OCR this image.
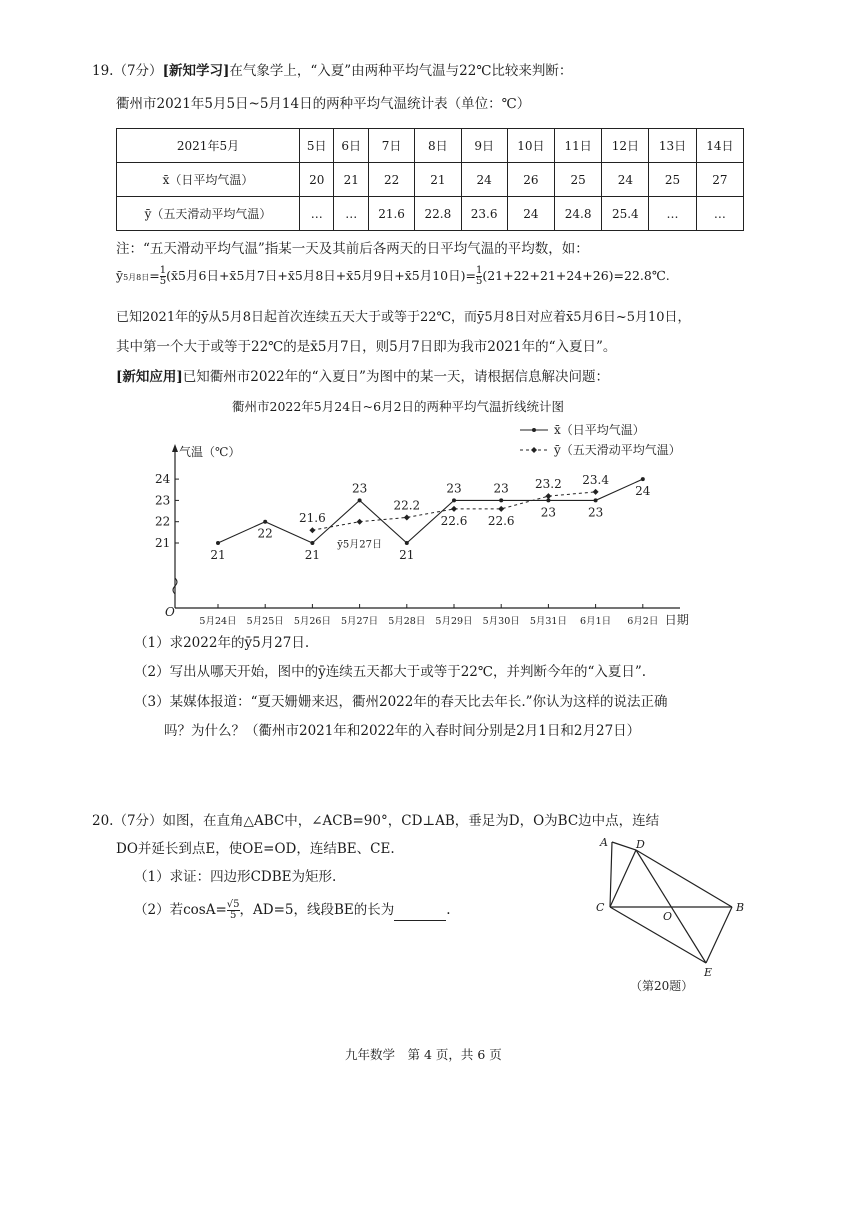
19.（7分）[新知学习]在气象学上，“入夏”由两种平均气温与22℃比较来判断：
衢州市2021年5月5日~5月14日的两种平均气温统计表（单位：℃）
2021年5月	5日	6日	7日	8日	9日	10日	11日	12日	13日	14日
x̄（日平均气温）	20	21	22	21	24	26	25	24	25	27
ȳ（五天滑动平均气温）	…	…	21.6	22.8	23.6	24	24.8	25.4	…	…
注：“五天滑动平均气温”指某一天及其前后各两天的日平均气温的平均数，如：
ȳ5月8日= $\frac{1}{5}$ (x̄5月6日+x̄5月7日+x̄5月8日+x̄5月9日+x̄5月10日)= $\frac{1}{5}$ (21+22+21+24+26)=22.8℃.
已知2021年的ȳ从5月8日起首次连续五天大于或等于22℃，而ȳ5月8日对应着x̄5月6日~5月10日，
其中第一个大于或等于22℃的是x̄5月7日，则5月7日即为我市2021年的“入夏日”。
[新知应用]已知衢州市2022年的“入夏日”为图中的某一天，请根据信息解决问题：
衢州市2022年5月24日~6月2日的两种平均气温折线统计图
气温（℃）
日期
O
21
22
23
24
5月24日 5月25日 5月26日 5月27日 5月28日 5月29日 5月30日 5月31日 6月1日 6月2日
21
22
21
23
21
23	23
23	23
24
21.6
ȳ5月27日
22.2
22.6 22.6
23.2 23.4
x̄（日平均气温）
ȳ（五天滑动平均气温）
（1）求2022年的ȳ5月27日.
（2）写出从哪天开始，图中的ȳ连续五天都大于或等于22℃，并判断今年的“入夏日”.
（3）某媒体报道：“夏天姗姗来迟，衢州2022年的春天比去年长.”你认为这样的说法正确
吗？为什么？（衢州市2021年和2022年的入春时间分别是2月1日和2月27日）
20.（7分）如图，在直角△ABC中，∠ACB=90°，CD⊥AB，垂足为D，O为BC边中点，连结
DO并延长到点E，使OE=OD，连结BE、CE.
（1）求证：四边形CDBE为矩形.
（2）若$\cos A= \frac{√5}{5}$ ，AD=5，线段BE的长为	.
A	D
C
O
B
E
（第20题）
九年数学　第 4 页，共 6 页
